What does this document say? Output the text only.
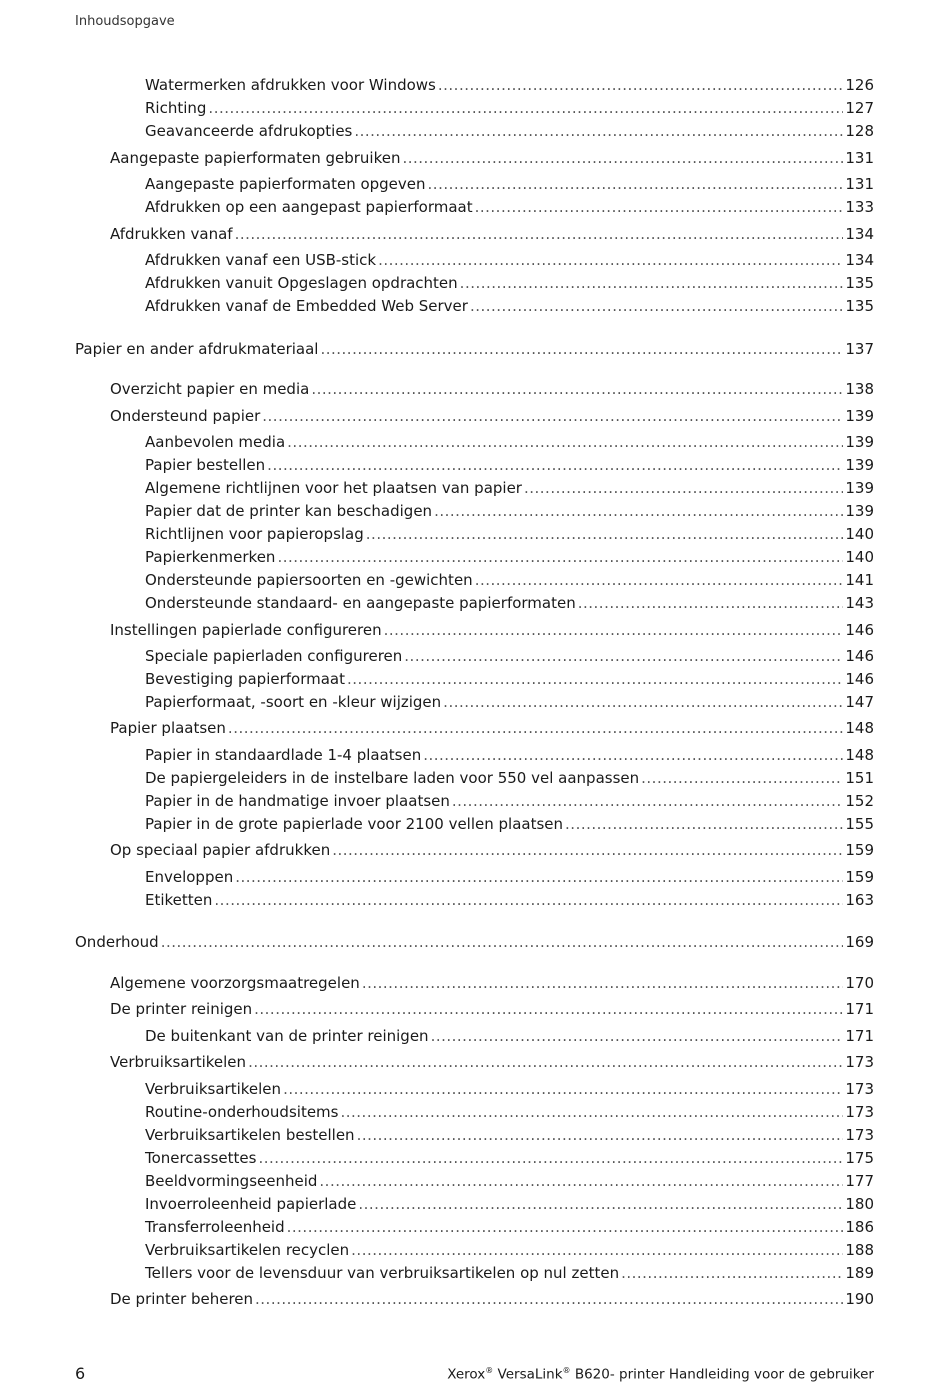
Inhoudsopgave
Watermerken afdrukken voor Windows .....	126
Richting .....	127
Geavanceerde afdrukopties .....	128
Aangepaste papierformaten gebruiken .....	131
Aangepaste papierformaten opgeven .....	131
Afdrukken op een aangepast papierformaat .....	133
Afdrukken vanaf .....	134
Afdrukken vanaf een USB-stick .....	134
Afdrukken vanuit Opgeslagen opdrachten .....	135
Afdrukken vanaf de Embedded Web Server .....	135
Papier en ander afdrukmateriaal .....	137
Overzicht papier en media .....	138
Ondersteund papier .....	139
Aanbevolen media .....	139
Papier bestellen .....	139
Algemene richtlijnen voor het plaatsen van papier .....	139
Papier dat de printer kan beschadigen .....	139
Richtlijnen voor papieropslag .....	140
Papierkenmerken .....	140
Ondersteunde papiersoorten en -gewichten .....	141
Ondersteunde standaard- en aangepaste papierformaten .....	143
Instellingen papierlade configureren .....	146
Speciale papierladen configureren .....	146
Bevestiging papierformaat .....	146
Papierformaat, -soort en -kleur wijzigen .....	147
Papier plaatsen .....	148
Papier in standaardlade 1-4 plaatsen .....	148
De papiergeleiders in de instelbare laden voor 550 vel aanpassen .....	151
Papier in de handmatige invoer plaatsen .....	152
Papier in de grote papierlade voor 2100 vellen plaatsen .....	155
Op speciaal papier afdrukken .....	159
Enveloppen .....	159
Etiketten .....	163
Onderhoud .....	169
Algemene voorzorgsmaatregelen .....	170
De printer reinigen .....	171
De buitenkant van de printer reinigen .....	171
Verbruiksartikelen .....	173
Verbruiksartikelen .....	173
Routine-onderhoudsitems .....	173
Verbruiksartikelen bestellen .....	173
Tonercassettes .....	175
Beeldvormingseenheid .....	177
Invoerroleenheid papierlade .....	180
Transferroleenheid .....	186
Verbruiksartikelen recyclen .....	188
Tellers voor de levensduur van verbruiksartikelen op nul zetten .....	189
De printer beheren .....	190
6	Xerox® VersaLink® B620- printer Handleiding voor de gebruiker
